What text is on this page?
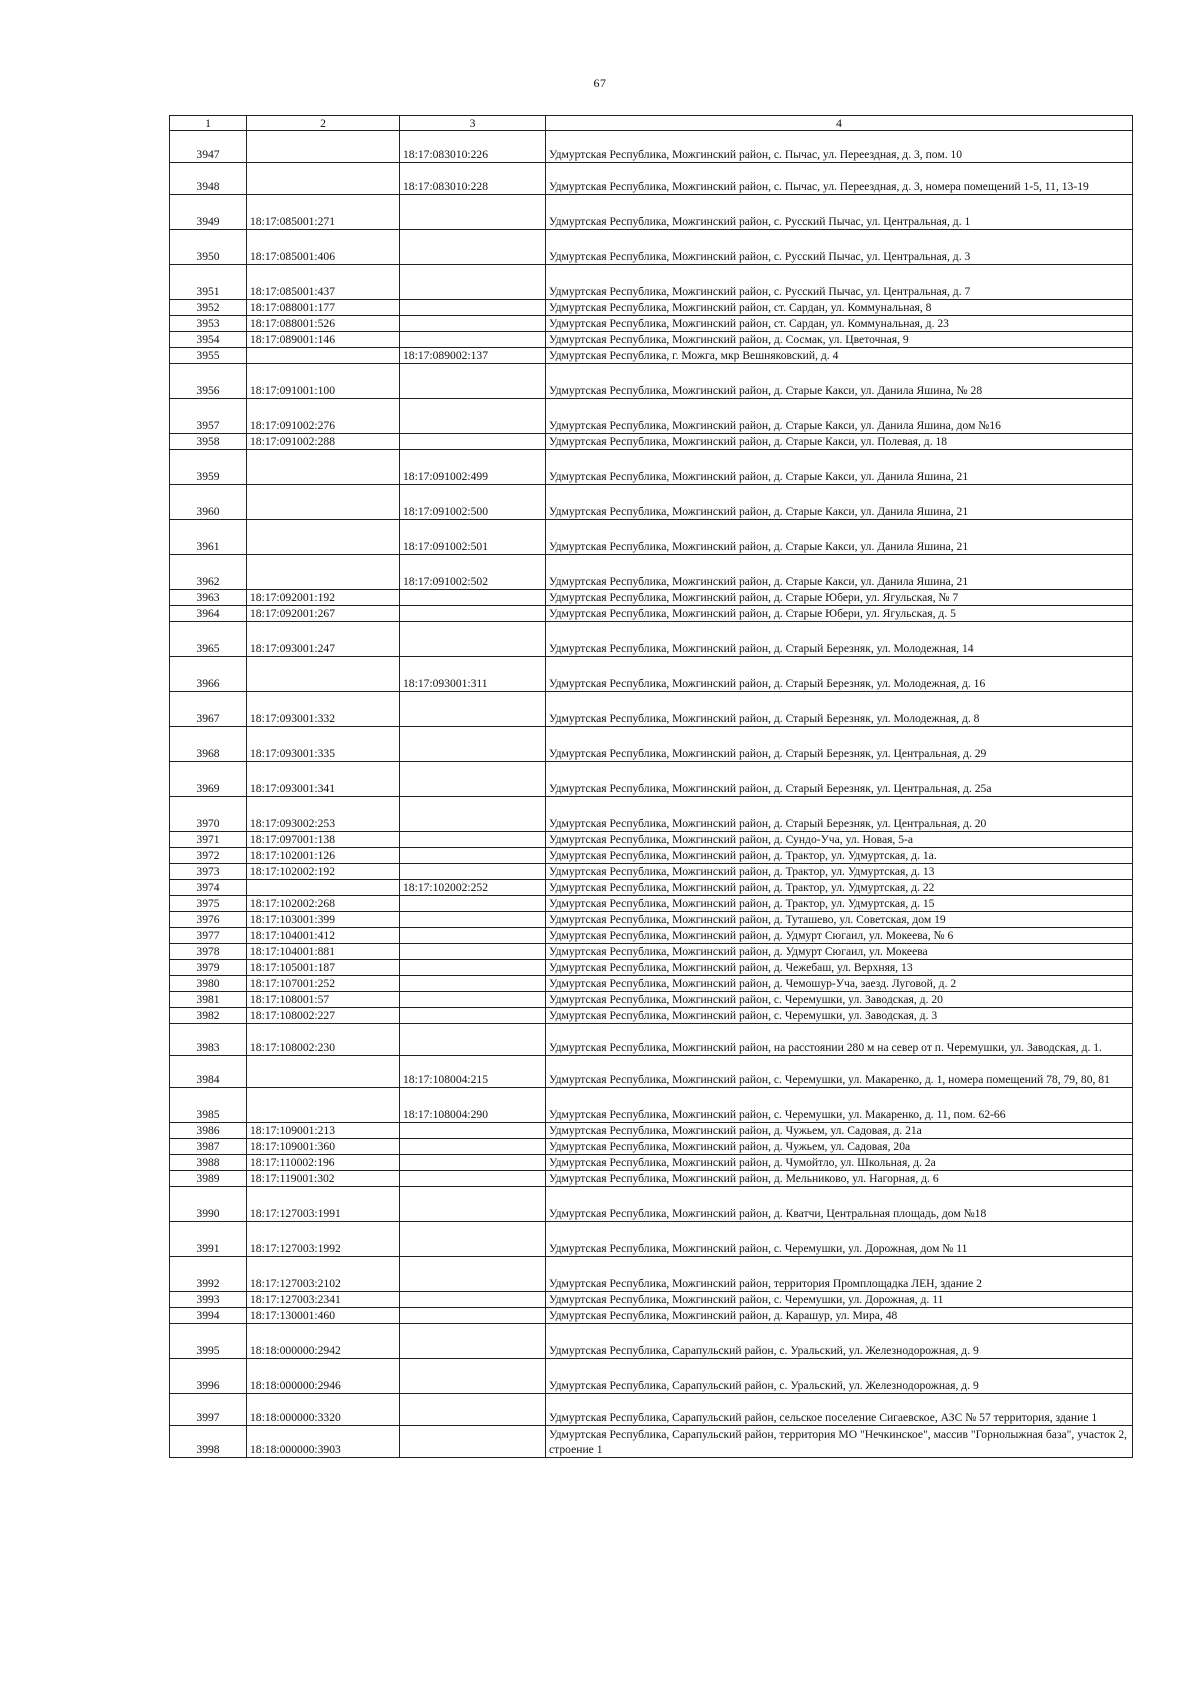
67
1	2	3	4
3947		18:17:083010:226	Удмуртская Республика, Можгинский район, с. Пычас, ул. Переездная, д. 3, пом. 10
3948		18:17:083010:228	Удмуртская Республика, Можгинский район, с. Пычас, ул. Переездная, д. 3, номера помещений 1-5, 11, 13-19
3949	18:17:085001:271		Удмуртская Республика, Можгинский район, с. Русский Пычас, ул. Центральная, д. 1
3950	18:17:085001:406		Удмуртская Республика, Можгинский район, с. Русский Пычас, ул. Центральная, д. 3
3951	18:17:085001:437		Удмуртская Республика, Можгинский район, с. Русский Пычас, ул. Центральная, д. 7
3952	18:17:088001:177		Удмуртская Республика, Можгинский район, ст. Сардан, ул. Коммунальная, 8
3953	18:17:088001:526		Удмуртская Республика, Можгинский район, ст. Сардан, ул. Коммунальная, д. 23
3954	18:17:089001:146		Удмуртская Республика, Можгинский район, д. Сосмак, ул. Цветочная, 9
3955		18:17:089002:137	Удмуртская Республика, г. Можга, мкр Вешняковский, д. 4
3956	18:17:091001:100		Удмуртская Республика, Можгинский район, д. Старые Какси, ул. Данила Яшина, № 28
3957	18:17:091002:276		Удмуртская Республика, Можгинский район, д. Старые Какси, ул. Данила Яшина, дом №16
3958	18:17:091002:288		Удмуртская Республика, Можгинский район, д. Старые Какси, ул. Полевая, д. 18
3959		18:17:091002:499	Удмуртская Республика, Можгинский район, д. Старые Какси, ул. Данила Яшина, 21
3960		18:17:091002:500	Удмуртская Республика, Можгинский район, д. Старые Какси, ул. Данила Яшина, 21
3961		18:17:091002:501	Удмуртская Республика, Можгинский район, д. Старые Какси, ул. Данила Яшина, 21
3962		18:17:091002:502	Удмуртская Республика, Можгинский район, д. Старые Какси, ул. Данила Яшина, 21
3963	18:17:092001:192		Удмуртская Республика, Можгинский район, д. Старые Юбери, ул. Ягульская, № 7
3964	18:17:092001:267		Удмуртская Республика, Можгинский район, д. Старые Юбери, ул. Ягульская, д. 5
3965	18:17:093001:247		Удмуртская Республика, Можгинский район, д. Старый Березняк, ул. Молодежная, 14
3966		18:17:093001:311	Удмуртская Республика, Можгинский район, д. Старый Березняк, ул. Молодежная, д. 16
3967	18:17:093001:332		Удмуртская Республика, Можгинский район, д. Старый Березняк, ул. Молодежная, д. 8
3968	18:17:093001:335		Удмуртская Республика, Можгинский район, д. Старый Березняк, ул. Центральная, д. 29
3969	18:17:093001:341		Удмуртская Республика, Можгинский район, д. Старый Березняк, ул. Центральная, д. 25а
3970	18:17:093002:253		Удмуртская Республика, Можгинский район, д. Старый Березняк, ул. Центральная, д. 20
3971	18:17:097001:138		Удмуртская Республика, Можгинский район, д. Сундо-Уча, ул. Новая, 5-а
3972	18:17:102001:126		Удмуртская Республика, Можгинский район, д. Трактор, ул. Удмуртская, д. 1а.
3973	18:17:102002:192		Удмуртская Республика, Можгинский район, д. Трактор, ул. Удмуртская, д. 13
3974		18:17:102002:252	Удмуртская Республика, Можгинский район, д. Трактор, ул. Удмуртская, д. 22
3975	18:17:102002:268		Удмуртская Республика, Можгинский район, д. Трактор, ул. Удмуртская, д. 15
3976	18:17:103001:399		Удмуртская Республика, Можгинский район, д. Туташево, ул. Советская, дом 19
3977	18:17:104001:412		Удмуртская Республика, Можгинский район, д. Удмурт Сюгаил, ул. Мокеева, № 6
3978	18:17:104001:881		Удмуртская Республика, Можгинский район, д. Удмурт Сюгаил, ул. Мокеева
3979	18:17:105001:187		Удмуртская Республика, Можгинский район, д. Чежебаш, ул. Верхняя, 13
3980	18:17:107001:252		Удмуртская Республика, Можгинский район, д. Чемошур-Уча, заезд. Луговой, д. 2
3981	18:17:108001:57		Удмуртская Республика, Можгинский район, с. Черемушки, ул. Заводская, д. 20
3982	18:17:108002:227		Удмуртская Республика, Можгинский район, с. Черемушки, ул. Заводская, д. 3
3983	18:17:108002:230		Удмуртская Республика, Можгинский район, на расстоянии 280 м на север от п. Черемушки, ул. Заводская, д. 1.
3984		18:17:108004:215	Удмуртская Республика, Можгинский район, с. Черемушки, ул. Макаренко, д. 1, номера помещений 78, 79, 80, 81
3985		18:17:108004:290	Удмуртская Республика, Можгинский район, с. Черемушки, ул. Макаренко, д. 11, пом. 62-66
3986	18:17:109001:213		Удмуртская Республика, Можгинский район, д. Чужьем, ул. Садовая, д. 21а
3987	18:17:109001:360		Удмуртская Республика, Можгинский район, д. Чужьем, ул. Садовая, 20а
3988	18:17:110002:196		Удмуртская Республика, Можгинский район, д. Чумойтло, ул. Школьная, д. 2а
3989	18:17:119001:302		Удмуртская Республика, Можгинский район, д. Мельниково, ул. Нагорная, д. 6
3990	18:17:127003:1991		Удмуртская Республика, Можгинский район, д. Кватчи, Центральная площадь, дом №18
3991	18:17:127003:1992		Удмуртская Республика, Можгинский район, с. Черемушки, ул. Дорожная, дом № 11
3992	18:17:127003:2102		Удмуртская Республика, Можгинский район, территория Промплощадка ЛЕН, здание 2
3993	18:17:127003:2341		Удмуртская Республика, Можгинский район, с. Черемушки, ул. Дорожная, д. 11
3994	18:17:130001:460		Удмуртская Республика, Можгинский район, д. Карашур, ул. Мира, 48
3995	18:18:000000:2942		Удмуртская Республика, Сарапульский район, с. Уральский, ул. Железнодорожная, д. 9
3996	18:18:000000:2946		Удмуртская Республика, Сарапульский район, с. Уральский, ул. Железнодорожная, д. 9
3997	18:18:000000:3320		Удмуртская Республика, Сарапульский район, сельское поселение Сигаевское, АЗС № 57 территория, здание 1
3998	18:18:000000:3903		Удмуртская Республика, Сарапульский район, территория МО "Нечкинское", массив "Горнолыжная база", участок 2, строение 1
